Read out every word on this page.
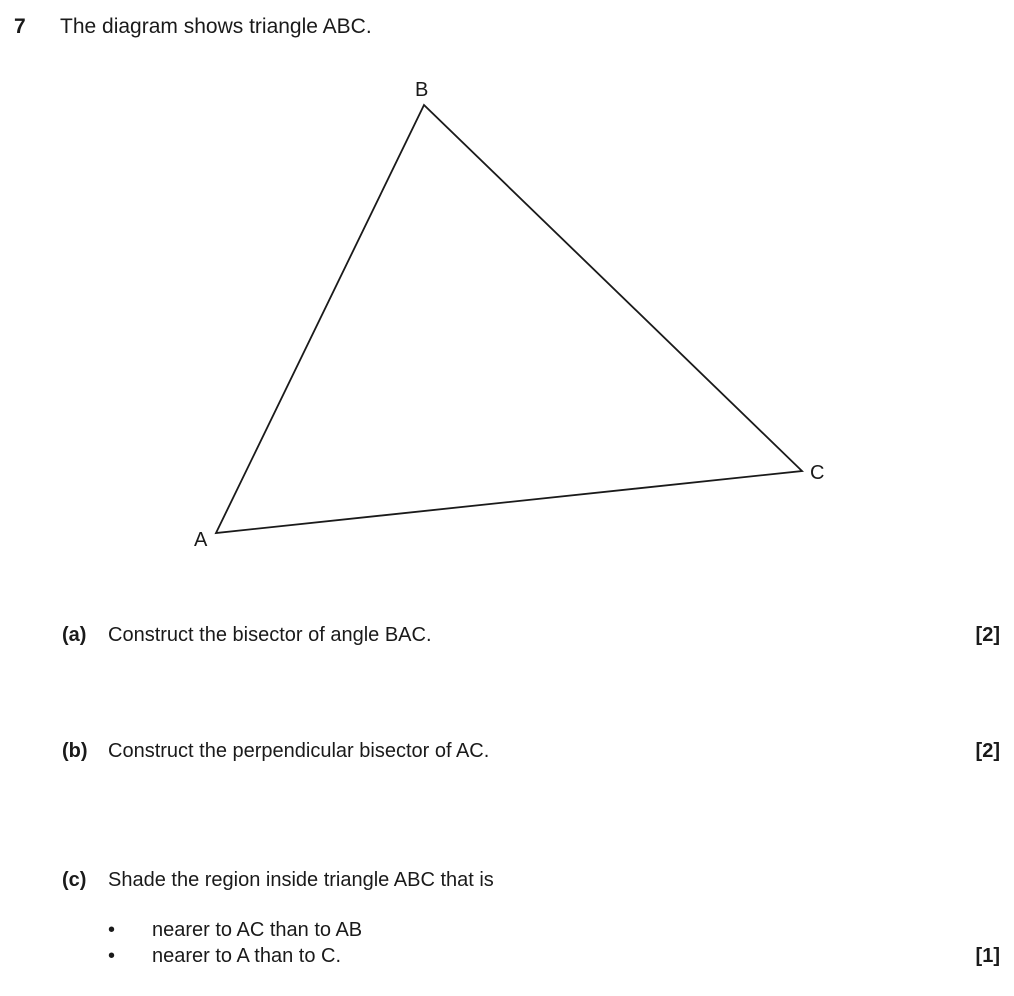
7 The diagram shows triangle ABC.
A
B
C
(a) Construct the bisector of angle BAC.	[2]
(b) Construct the perpendicular bisector of AC.	[2]
(c) Shade the region inside triangle ABC that is
• nearer to AC than to AB
• nearer to A than to C.	[1]
